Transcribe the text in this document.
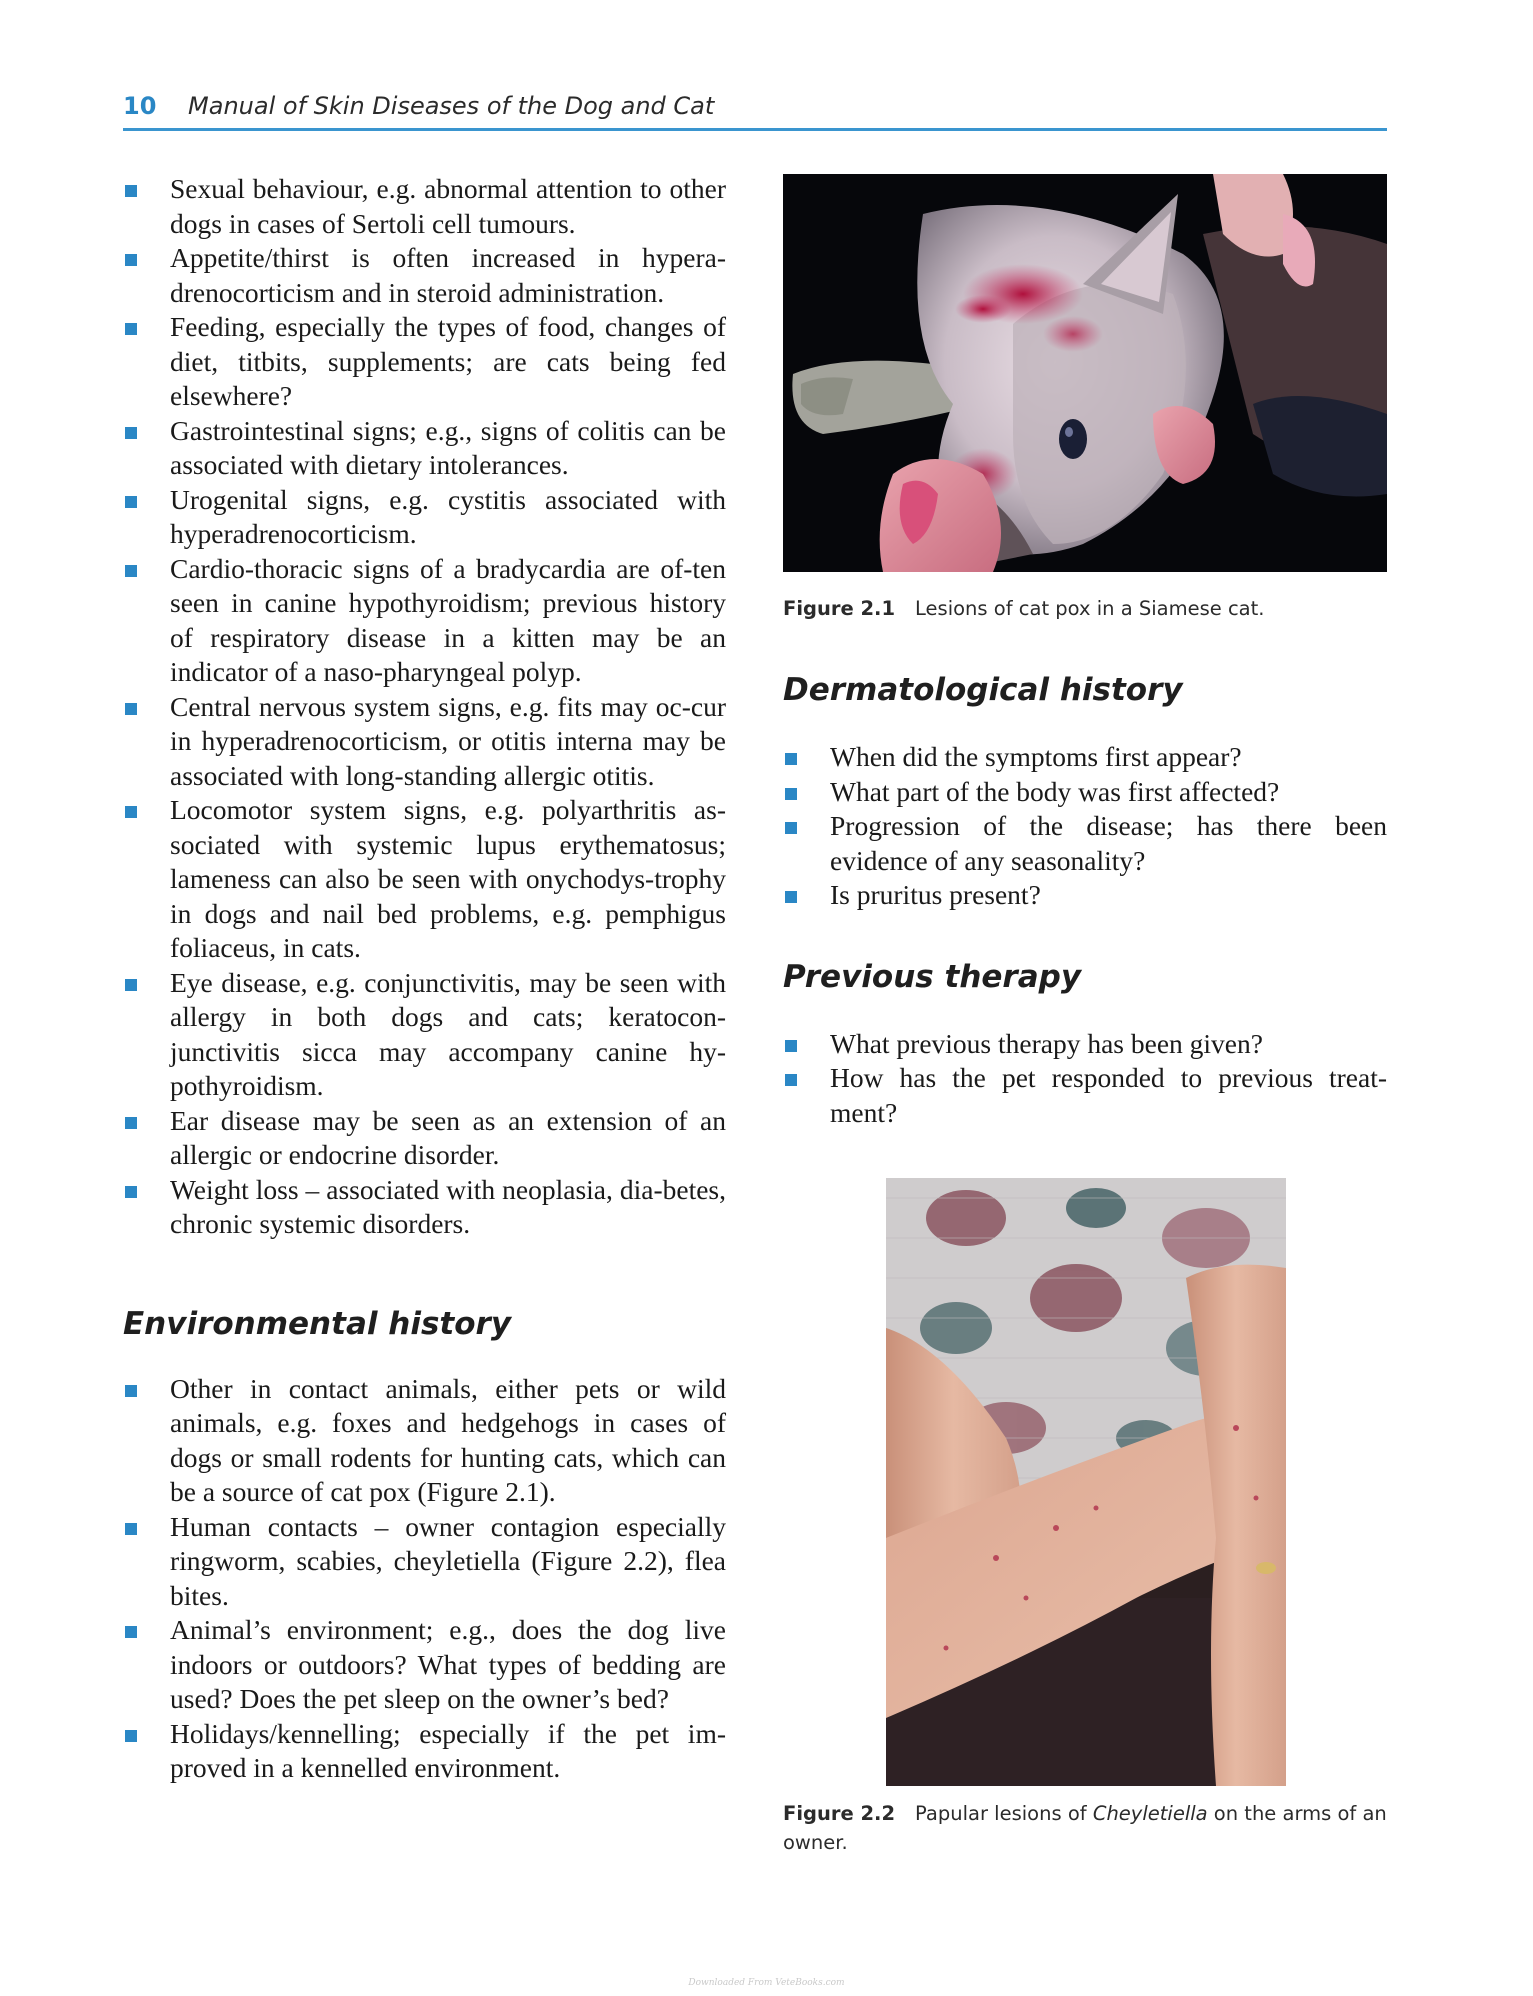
10 Manual of Skin Diseases of the Dog and Cat
Sexual behaviour, e.g. abnormal attention to other dogs in cases of Sertoli cell tumours.
Appetite/thirst is often increased in hypera-drenocorticism and in steroid administration.
Feeding, especially the types of food, changes of diet, titbits, supplements; are cats being fed elsewhere?
Gastrointestinal signs; e.g., signs of colitis can be associated with dietary intolerances.
Urogenital signs, e.g. cystitis associated with hyperadrenocorticism.
Cardio-thoracic signs of a bradycardia are of-ten seen in canine hypothyroidism; previous history of respiratory disease in a kitten may be an indicator of a naso-pharyngeal polyp.
Central nervous system signs, e.g. fits may oc-cur in hyperadrenocorticism, or otitis interna may be associated with long-standing allergic otitis.
Locomotor system signs, e.g. polyarthritis as-sociated with systemic lupus erythematosus; lameness can also be seen with onychodys-trophy in dogs and nail bed problems, e.g. pemphigus foliaceus, in cats.
Eye disease, e.g. conjunctivitis, may be seen with allergy in both dogs and cats; keratocon-junctivitis sicca may accompany canine hy-pothyroidism.
Ear disease may be seen as an extension of an allergic or endocrine disorder.
Weight loss – associated with neoplasia, dia-betes, chronic systemic disorders.
Environmental history
Other in contact animals, either pets or wild animals, e.g. foxes and hedgehogs in cases of dogs or small rodents for hunting cats, which can be a source of cat pox (Figure 2.1).
Human contacts – owner contagion especially ringworm, scabies, cheyletiella (Figure 2.2), flea bites.
Animal’s environment; e.g., does the dog live indoors or outdoors? What types of bedding are used? Does the pet sleep on the owner’s bed?
Holidays/kennelling; especially if the pet im-proved in a kennelled environment.
Figure 2.1 Lesions of cat pox in a Siamese cat.
Dermatological history
When did the symptoms first appear?
What part of the body was first affected?
Progression of the disease; has there been evidence of any seasonality?
Is pruritus present?
Previous therapy
What previous therapy has been given?
How has the pet responded to previous treat-ment?
Figure 2.2 Papular lesions of Cheyletiella on the arms of an owner.
Downloaded From VeteBooks.com
